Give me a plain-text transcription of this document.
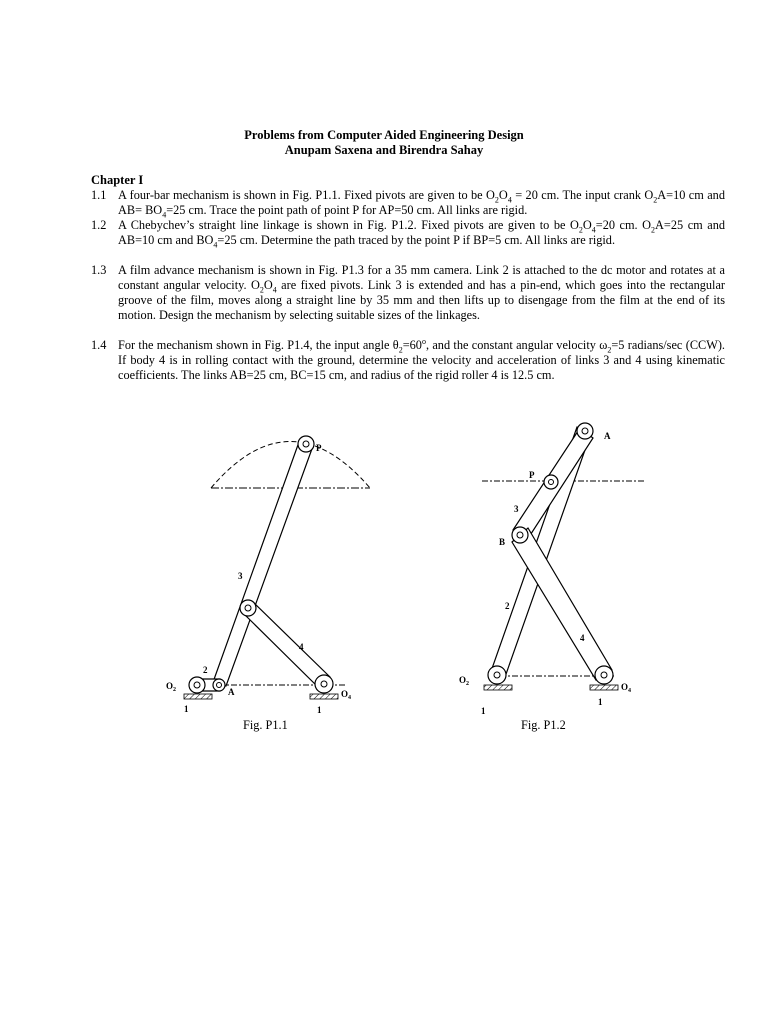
Problems from Computer Aided Engineering Design
Anupam Saxena and Birendra Sahay
Chapter I
1.1 A four-bar mechanism is shown in Fig. P1.1. Fixed pivots are given to be $O_2O_4 = 20$ cm. The input crank $O_2A=10$ cm and $AB= BO_4=25$ cm. Trace the point path of point P for AP=50 cm. All links are rigid.
1.2 A Chebychev’s straight line linkage is shown in Fig. P1.2. Fixed pivots are given to be $O_2O_4=20$ cm. $O_2A=25$ cm and AB=10 cm and $BO_4=25$ cm. Determine the path traced by the point P if BP=5 cm. All links are rigid.
1.3 A film advance mechanism is shown in Fig. P1.3 for a 35 mm camera. Link 2 is attached to the dc motor and rotates at a constant angular velocity. $O_2O_4$ are fixed pivots. Link 3 is extended and has a pin-end, which goes into the rectangular groove of the film, moves along a straight line by 35 mm and then lifts up to disengage from the film at the end of its motion. Design the mechanism by selecting suitable sizes of the linkages.
1.4 For the mechanism shown in Fig. P1.4, the input angle $\theta_2=60^o$, and the constant angular velocity $\omega_2=5$ radians/sec (CCW). If body 4 is in rolling contact with the ground, determine the velocity and acceleration of links 3 and 4 using kinematic coefficients. The links AB=25 cm, BC=15 cm, and radius of the rigid roller 4 is 12.5 cm.
P
3
4
2
$O_2$	A	$O_4$
1	1
Fig. P1.1
A
P
3
B
2
4
$O_2$	$O_4$
1
1
Fig. P1.2
